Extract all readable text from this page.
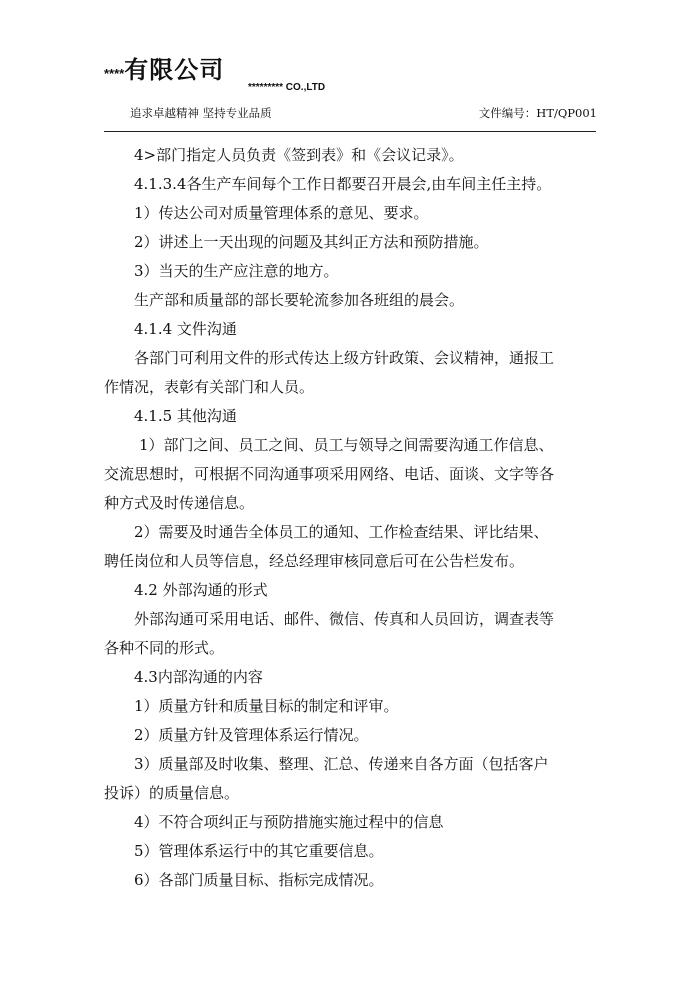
****有限公司
********* CO.,LTD
追求卓越精神 坚持专业品质	文件编号：HT/QP001

4>部门指定人员负责《签到表》和《会议记录》。

4.1.3.4各生产车间每个工作日都要召开晨会,由车间主任主持。

1）传达公司对质量管理体系的意见、要求。

2）讲述上一天出现的问题及其纠正方法和预防措施。

3）当天的生产应注意的地方。

生产部和质量部的部长要轮流参加各班组的晨会。

4.1.4 文件沟通

各部门可利用文件的形式传达上级方针政策、会议精神，通报工

作情况，表彰有关部门和人员。

4.1.5 其他沟通

1）部门之间、员工之间、员工与领导之间需要沟通工作信息、

交流思想时，可根据不同沟通事项采用网络、电话、面谈、文字等各

种方式及时传递信息。

2）需要及时通告全体员工的通知、工作检查结果、评比结果、

聘任岗位和人员等信息，经总经理审核同意后可在公告栏发布。

4.2 外部沟通的形式

外部沟通可采用电话、邮件、微信、传真和人员回访，调查表等

各种不同的形式。

4.3内部沟通的内容

1）质量方针和质量目标的制定和评审。

2）质量方针及管理体系运行情况。

3）质量部及时收集、整理、汇总、传递来自各方面（包括客户

投诉）的质量信息。

4）不符合项纠正与预防措施实施过程中的信息

5）管理体系运行中的其它重要信息。

6）各部门质量目标、指标完成情况。
